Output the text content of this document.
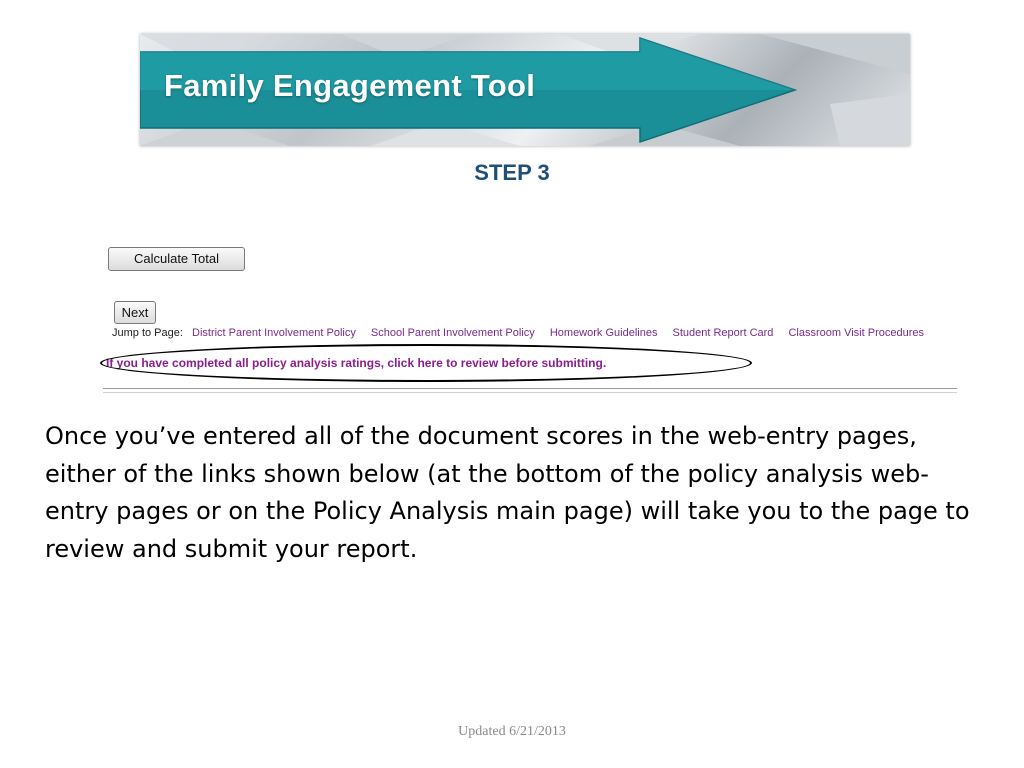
Family Engagement Tool
STEP 3
Calculate Total
Next
Jump to Page: District Parent Involvement Policy School Parent Involvement Policy Homework Guidelines Student Report Card Classroom Visit Procedures
If you have completed all policy analysis ratings, click here to review before submitting.
Once you’ve entered all of the document scores in the web-entry pages, either of the links shown below (at the bottom of the policy analysis web-entry pages or on the Policy Analysis main page) will take you to the page to review and submit your report.
Updated 6/21/2013
